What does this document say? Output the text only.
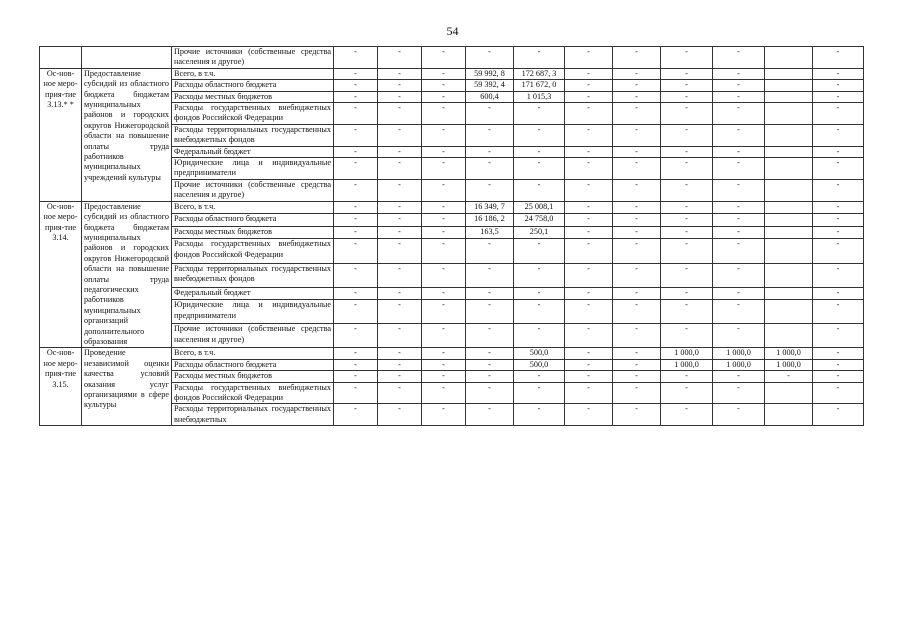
54
		Прочие источники (собственные средства населения и другое)	-	-	-	-	-	-	-	-	-		-
Ос-нов-ное меро-прия-тие 3.13.* *	Предоставление субсидий из областного бюджета бюджетам муниципальных районов и городских округов Нижегородской области на повышение оплаты труда работников муниципальных учреждений культуры	Всего, в т.ч.	-	-	-	59 992, 8	172 687, 3	-	-	-	-		-
		Расходы областного бюджета	-	-	-	59 392, 4	171 672, 0	-	-	-	-		-
		Расходы местных бюджетов	-	-	-	600,4	1 015,3	-	-	-	-		-
		Расходы государственных внебюджетных фондов Российской Федерации	-	-	-	-	-	-	-	-	-		-
		Расходы территориальных государственных внебюджетных фондов	-	-	-	-	-	-	-	-	-		-
		Федеральный бюджет	-	-	-	-	-	-	-	-	-		-
		Юридические лица и индивидуальные предприниматели	-	-	-	-	-	-	-	-	-		-
		Прочие источники (собственные средства населения и другое)	-	-	-	-	-	-	-	-	-		-
Ос-нов-ное меро-прия-тие 3.14.	Предоставление субсидий из областного бюджета бюджетам муниципальных районов и городских округов Нижегородской области на повышение оплаты труда педагогических работников муниципальных организаций дополнительного образования	Всего, в т.ч.	-	-	-	16 349, 7	25 008,1	-	-	-	-		-
		Расходы областного бюджета	-	-	-	16 186, 2	24 758,0	-	-	-	-		-
		Расходы местных бюджетов	-	-	-	163,5	250,1	-	-	-	-		-
		Расходы государственных внебюджетных фондов Российской Федерации	-	-	-	-	-	-	-	-	-		-
		Расходы территориальных государственных внебюджетных фондов	-	-	-	-	-	-	-	-	-		-
		Федеральный бюджет	-	-	-	-	-	-	-	-	-		-
		Юридические лица и индивидуальные предприниматели	-	-	-	-	-	-	-	-	-		-
		Прочие источники (собственные средства населения и другое)	-	-	-	-	-	-	-	-	-		-
Ос-нов-ное меро-прия-тие 3.15.	Проведение независимой оценки качества условий оказания услуг организациями в сфере культуры	Всего, в т.ч.	-	-	-	-	500,0	-	-	1 000,0	1 000,0	1 000,0	-
		Расходы областного бюджета	-	-	-	-	500,0	-	-	1 000,0	1 000,0	1 000,0	-
		Расходы местных бюджетов	-	-	-	-	-	-	-	-	-	-	-
		Расходы государственных внебюджетных фондов Российской Федерации	-	-	-	-	-	-	-	-	-		-
		Расходы территориальных государственных внебюджетных	-	-	-	-	-	-	-	-	-		-
